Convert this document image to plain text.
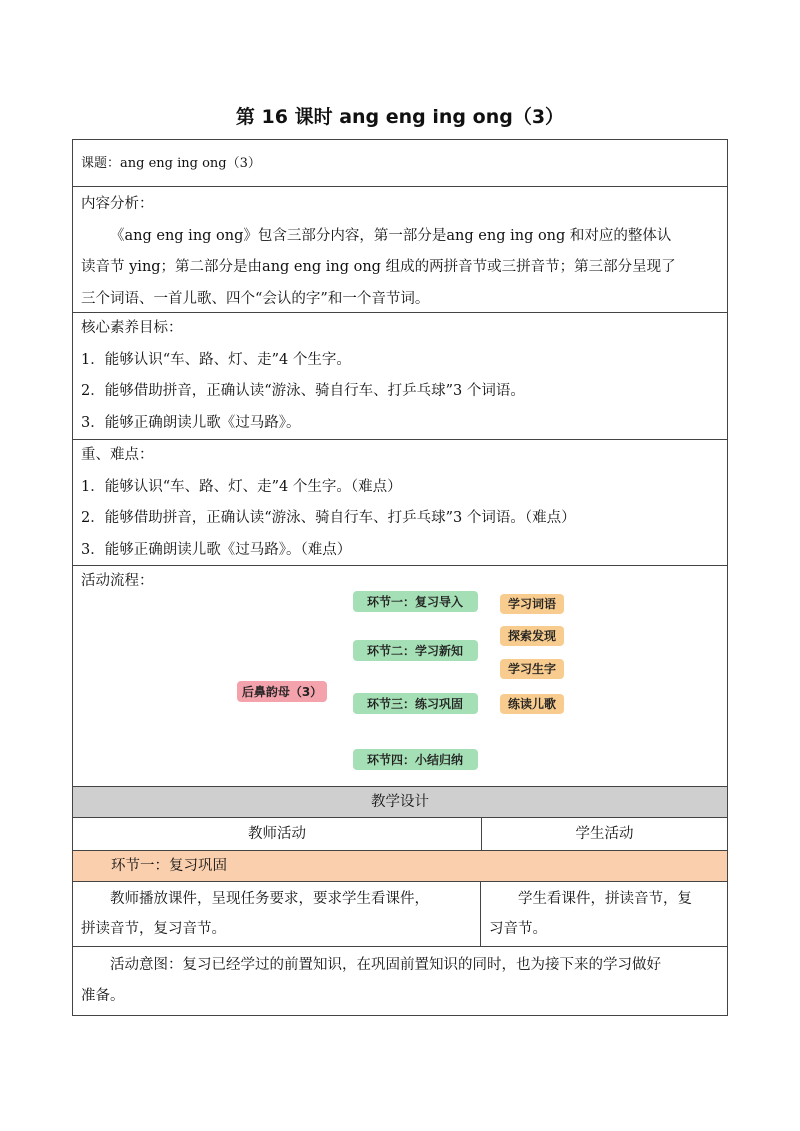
第 16 课时 ang eng ing ong（3）
课题：ang eng ing ong（3）
内容分析：
《ang eng ing ong》包含三部分内容，第一部分是ang eng ing ong 和对应的整体认
读音节 ying；第二部分是由ang eng ing ong 组成的两拼音节或三拼音节；第三部分呈现了
三个词语、一首儿歌、四个“会认的字”和一个音节词。
核心素养目标：
1．能够认识“车、路、灯、走”4 个生字。
2．能够借助拼音，正确认读“游泳、骑自行车、打乒乓球”3 个词语。
3．能够正确朗读儿歌《过马路》。
重、难点：
1．能够认识“车、路、灯、走”4 个生字。（难点）
2．能够借助拼音，正确认读“游泳、骑自行车、打乒乓球”3 个词语。（难点）
3．能够正确朗读儿歌《过马路》。（难点）
活动流程：
后鼻韵母（3）
环节一：复习导入
环节二：学习新知
环节三：练习巩固
环节四：小结归纳
学习词语
探索发现
学习生字
练读儿歌
教学设计
教师活动	学生活动
环节一：复习巩固
教师播放课件，呈现任务要求，要求学生看课件，
拼读音节，复习音节。
学生看课件，拼读音节，复
习音节。
活动意图：复习已经学过的前置知识，在巩固前置知识的同时，也为接下来的学习做好
准备。
